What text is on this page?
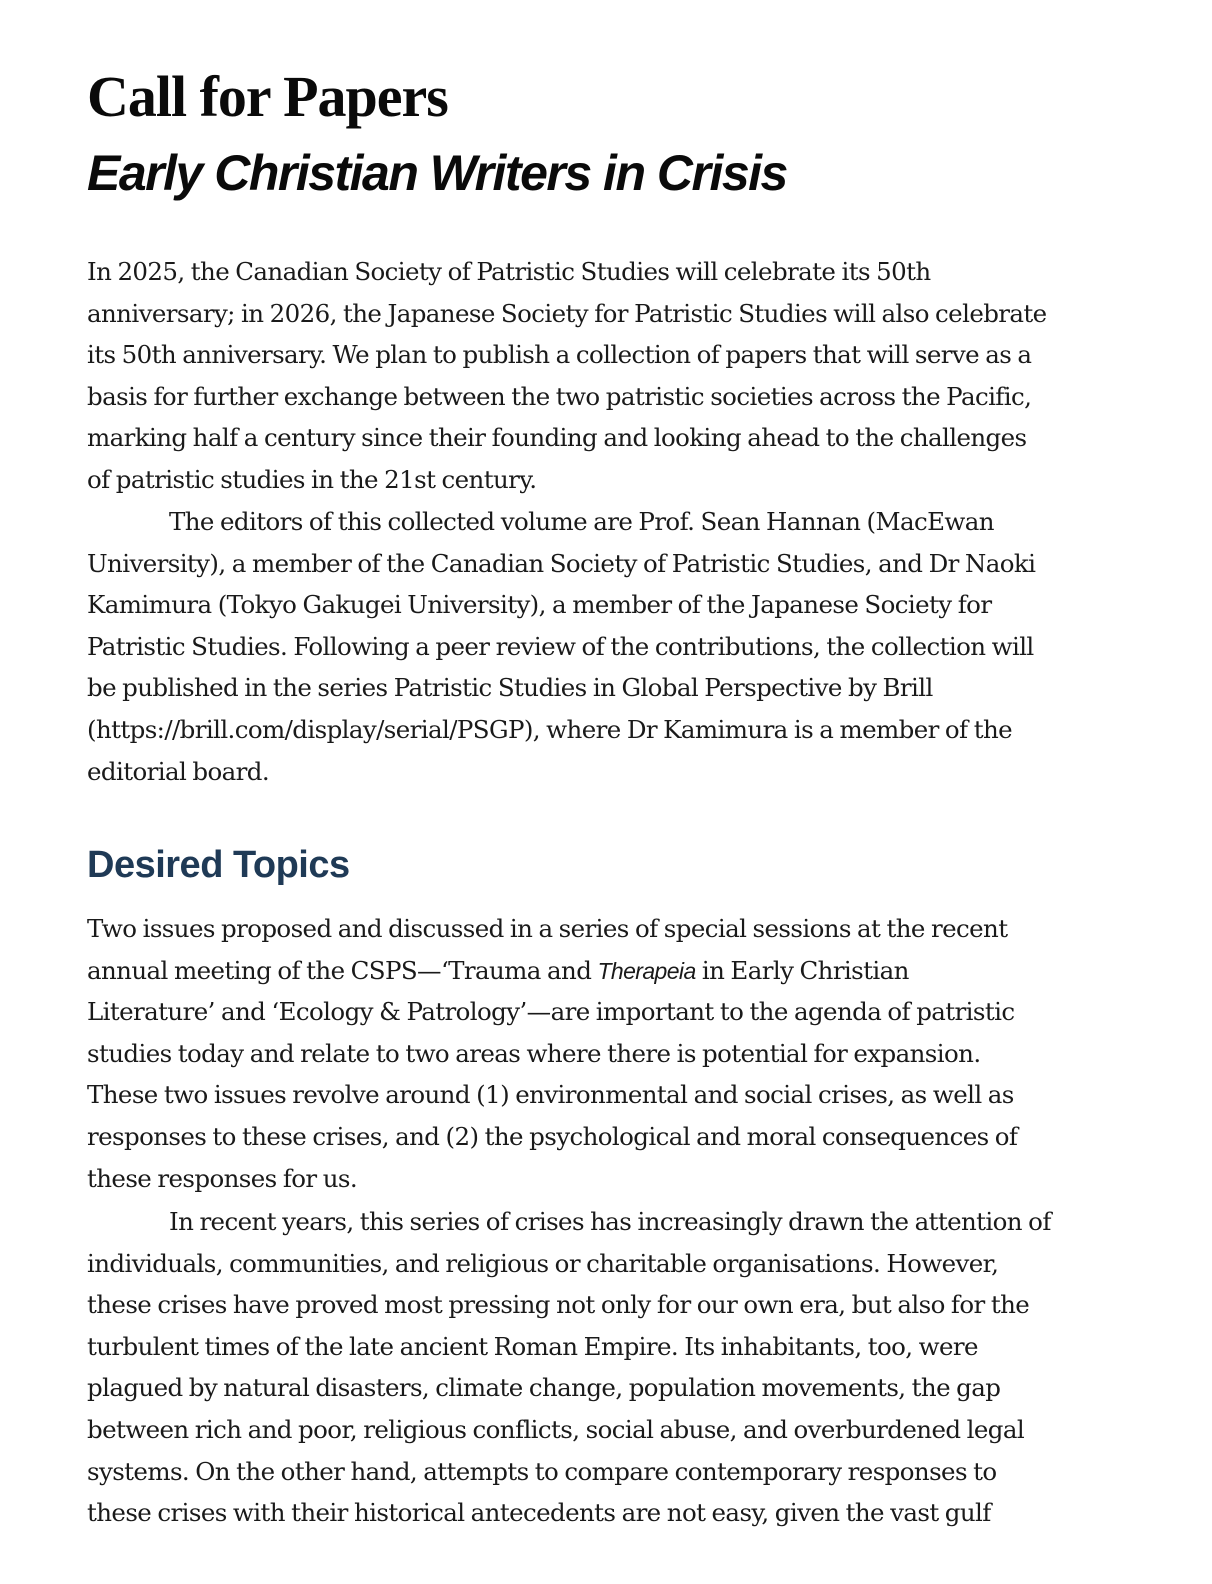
Call for Papers
Early Christian Writers in Crisis
In 2025, the Canadian Society of Patristic Studies will celebrate its 50th
anniversary; in 2026, the Japanese Society for Patristic Studies will also celebrate
its 50th anniversary. We plan to publish a collection of papers that will serve as a
basis for further exchange between the two patristic societies across the Pacific,
marking half a century since their founding and looking ahead to the challenges
of patristic studies in the 21st century.
The editors of this collected volume are Prof. Sean Hannan (MacEwan
University), a member of the Canadian Society of Patristic Studies, and Dr Naoki
Kamimura (Tokyo Gakugei University), a member of the Japanese Society for
Patristic Studies. Following a peer review of the contributions, the collection will
be published in the series Patristic Studies in Global Perspective by Brill
(https://brill.com/display/serial/PSGP), where Dr Kamimura is a member of the
editorial board.
Desired Topics
Two issues proposed and discussed in a series of special sessions at the recent
annual meeting of the CSPS—‘Trauma and Therapeia in Early Christian
Literature’ and ‘Ecology & Patrology’—are important to the agenda of patristic
studies today and relate to two areas where there is potential for expansion.
These two issues revolve around (1) environmental and social crises, as well as
responses to these crises, and (2) the psychological and moral consequences of
these responses for us.
In recent years, this series of crises has increasingly drawn the attention of
individuals, communities, and religious or charitable organisations. However,
these crises have proved most pressing not only for our own era, but also for the
turbulent times of the late ancient Roman Empire. Its inhabitants, too, were
plagued by natural disasters, climate change, population movements, the gap
between rich and poor, religious conflicts, social abuse, and overburdened legal
systems. On the other hand, attempts to compare contemporary responses to
these crises with their historical antecedents are not easy, given the vast gulf
